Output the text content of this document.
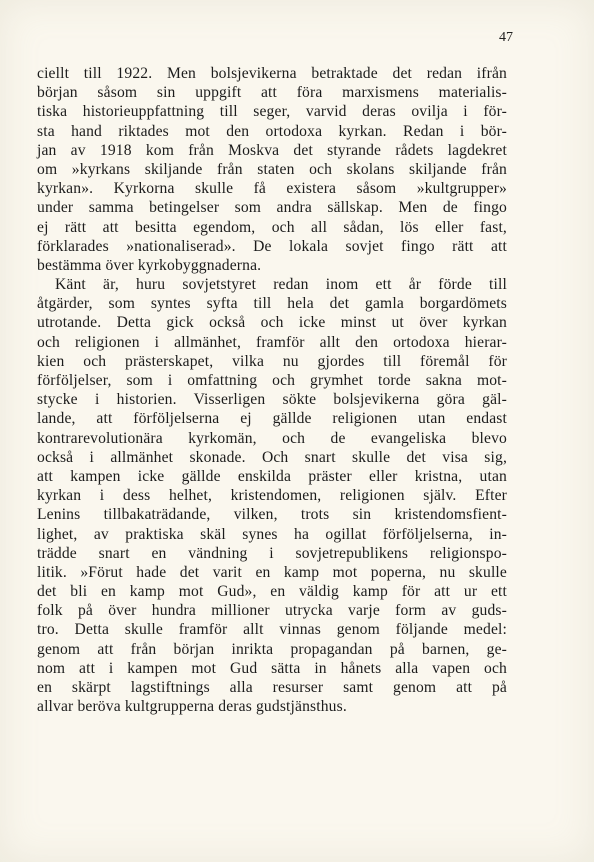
47
ciellt till 1922. Men bolsjevikerna betraktade det redan ifrån
början såsom sin uppgift att föra marxismens materialis-
tiska historieuppfattning till seger, varvid deras ovilja i för-
sta hand riktades mot den ortodoxa kyrkan. Redan i bör-
jan av 1918 kom från Moskva det styrande rådets lagdekret
om »kyrkans skiljande från staten och skolans skiljande från
kyrkan». Kyrkorna skulle få existera såsom »kultgrupper»
under samma betingelser som andra sällskap. Men de fingo
ej rätt att besitta egendom, och all sådan, lös eller fast,
förklarades »nationaliserad». De lokala sovjet fingo rätt att
bestämma över kyrkobyggnaderna.
Känt är, huru sovjetstyret redan inom ett år förde till
åtgärder, som syntes syfta till hela det gamla borgardömets
utrotande. Detta gick också och icke minst ut över kyrkan
och religionen i allmänhet, framför allt den ortodoxa hierar-
kien och prästerskapet, vilka nu gjordes till föremål för
förföljelser, som i omfattning och grymhet torde sakna mot-
stycke i historien. Visserligen sökte bolsjevikerna göra gäl-
lande, att förföljelserna ej gällde religionen utan endast
kontrarevolutionära kyrkomän, och de evangeliska blevo
också i allmänhet skonade. Och snart skulle det visa sig,
att kampen icke gällde enskilda präster eller kristna, utan
kyrkan i dess helhet, kristendomen, religionen själv. Efter
Lenins tillbakaträdande, vilken, trots sin kristendomsfient-
lighet, av praktiska skäl synes ha ogillat förföljelserna, in-
trädde snart en vändning i sovjetrepublikens religionspo-
litik. »Förut hade det varit en kamp mot poperna, nu skulle
det bli en kamp mot Gud», en väldig kamp för att ur ett
folk på över hundra millioner utrycka varje form av guds-
tro. Detta skulle framför allt vinnas genom följande medel:
genom att från början inrikta propagandan på barnen, ge-
nom att i kampen mot Gud sätta in hånets alla vapen och
en skärpt lagstiftnings alla resurser samt genom att på
allvar beröva kultgrupperna deras gudstjänsthus.
